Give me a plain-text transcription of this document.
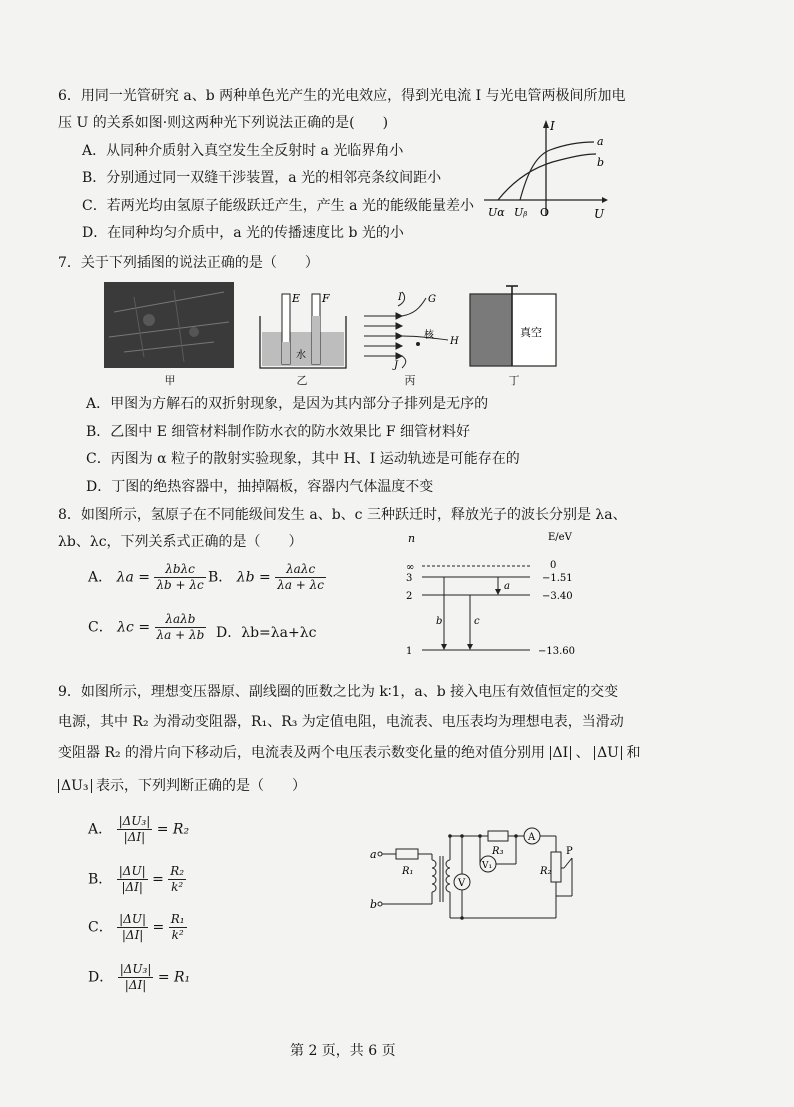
6．用同一光管研究 a、b 两种单色光产生的光电效应，得到光电流 I 与光电管两极间所加电
压 U 的关系如图·则这两种光下列说法正确的是(　　)
A．从同种介质射入真空发生全反射时 a 光临界角小
B．分别通过同一双缝干涉装置，a 光的相邻亮条纹间距小
C．若两光均由氢原子能级跃迁产生，产生 a 光的能级能量差小
D．在同种均匀介质中，a 光的传播速度比 b 光的小
I
U
a
b
Uα Uᵦ O
7．关于下列插图的说法正确的是（　　）
甲
E F
水
乙
I	G
H
J
核
丙
真空
丁
A．甲图为方解石的双折射现象，是因为其内部分子排列是无序的
B．乙图中 E 细管材料制作防水衣的防水效果比 F 细管材料好
C．丙图为 α 粒子的散射实验现象，其中 H、I 运动轨迹是可能存在的
D．丁图的绝热容器中，抽掉隔板，容器内气体温度不变
8．如图所示，氢原子在不同能级间发生 a、b、c 三种跃迁时，释放光子的波长分别是 λa、
λb、λc，下列关系式正确的是（　　）
A． $\lambda a = \frac{\text{λbλc}}{\lambda b + \lambda c}$ B． $\lambda b = \frac{\text{λaλc}}{\lambda a + \lambda c}$
C． $\lambda c = \frac{\text{λaλb}}{\lambda a + \lambda b}$ D．λb=λa+λc
n	E/eV
∞
3
2
1
0
−1.51
−3.40
−13.60
a
b	c
9．如图所示，理想变压器原、副线圈的匝数之比为 k∶1，a、b 接入电压有效值恒定的交变
电源，其中 R₂ 为滑动变阻器，R₁、R₃ 为定值电阻，电流表、电压表均为理想电表，当滑动
变阻器 R₂ 的滑片向下移动后，电流表及两个电压表示数变化量的绝对值分别用 ΔI 、 ΔU 和
ΔU₃ 表示，下列判断正确的是（　　）
A． $\frac{\text{|ΔU₃|}}{|\Delta I|} = R_2$
B． $\frac{|\Delta U|}{|\Delta I|} = \frac{\text{R₂}}{\text{k²}}$
C． $\frac{|\Delta U|}{|\Delta I|} = \frac{\text{R₁}}{\text{k²}}$
D． $\frac{\text{|ΔU₃|}}{|\Delta I|} = R_1$
a
b
R₁
R₃
R₂
P
A
V
V₁
第 2 页，共 6 页
